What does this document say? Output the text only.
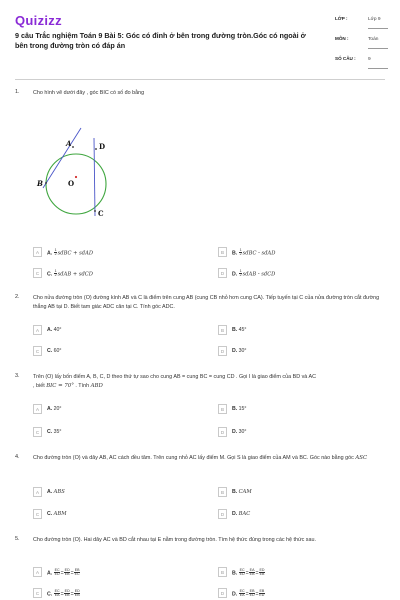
Quizizz
9 câu Trắc nghiệm Toán 9 Bài 5: Góc có đỉnh ở bên trong đường tròn.Góc có ngoài ở bên trong đường tròn có đáp án
LỚP :	Lớp 9
MÔN :	Toán
SỐ CÂU :	9
1. Cho hình vẽ dưới đây , góc BIC có số đo bằng
A	D
B	O
C
A	A. $\frac{1}{2}$ sđBC + sđAD	B	B. $\frac{1}{2}$ sđBC - sđAD
C	C. $\frac{1}{2}$ sđAB + sđCD	D	D. $\frac{1}{2}$ sđAB - sđCD
2. Cho nửa đường tròn (O) đường kính AB và C là điểm trên cung AB (cung CB nhỏ hơn cung CA). Tiếp tuyến tại C của nửa đường tròn cắt đường thẳng AB tại D. Biết tam giác ADC cân tại C. Tính góc ADC.
A	A. 40°	B	B. 45°
C	C. 60°	D	D. 30°
3. Trên (O) lấy bốn điểm A, B, C, D theo thứ tự sao cho cung AB = cung BC = cung CD . Gọi I là giao điểm của BD và AC
, biết BIC = 70° . Tính ABD
A	A. 20°	B	B. 15°
C	C. 35°	D	D. 30°
4. Cho đường tròn (O) và dây AB, AC cách đều tâm. Trên cung nhỏ AC lấy điểm M. Gọi S là giao điểm của AM và BC. Góc nào bằng góc ASC
A	A. ABS	B	B. CAM
C	C. ABM	D	D. BAC
5. Cho đường tròn (O). Hai dây AC và BD cắt nhau tại E nằm trong đường tròn. Tìm hệ thức đúng trong các hệ thức sau.
A	A. $\frac{EC}{ED} = \frac{ED}{EB} = \frac{EB}{EC}$	B	B. $\frac{EC}{ED} = \frac{EA}{EB} = \frac{ED}{EB}$
C	C. $\frac{EC}{EA} = \frac{ED}{EB} = \frac{ED}{EB}$	D	D. $\frac{EC}{EA} = \frac{EB}{ED} = \frac{EB}{ED}$
